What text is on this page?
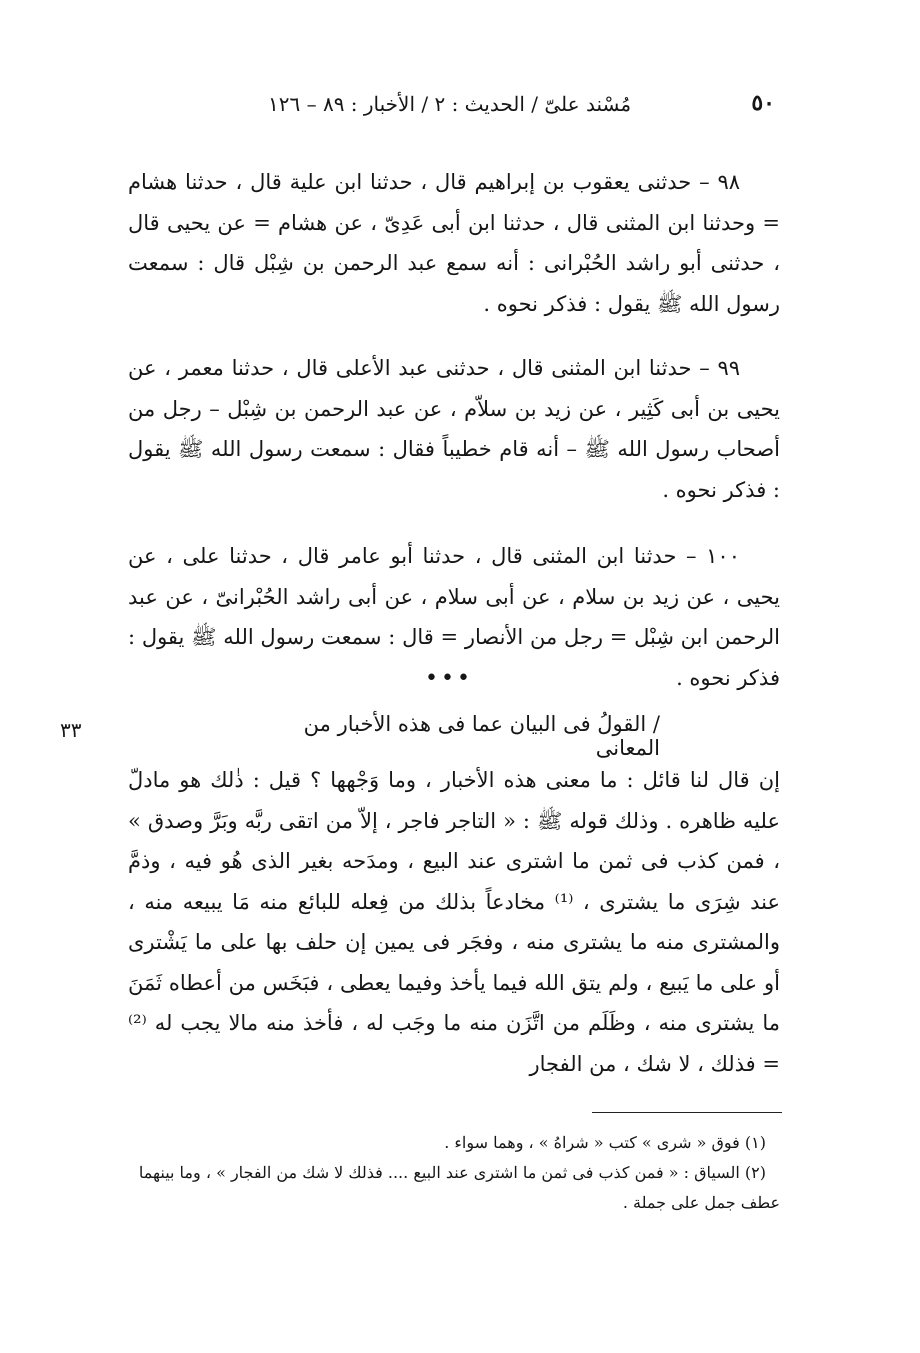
٥٠
مُسْند علىّ / الحديث : ٢ / الأخبار : ٨٩ – ١٢٦

٩٨ – حدثنى يعقوب بن إبراهيم قال ، حدثنا ابن علية قال ، حدثنا هشام = وحدثنا ابن المثنى قال ، حدثنا ابن أبى عَدِىّ ، عن هشام = عن يحيى قال ، حدثنى أبو راشد الحُبْرانى : أنه سمع عبد الرحمن بن شِبْل قال : سمعت رسول الله ﷺ يقول : فذكر نحوه .

٩٩ – حدثنا ابن المثنى قال ، حدثنى عبد الأعلى قال ، حدثنا معمر ، عن يحيى بن أبى كَثِير ، عن زيد بن سلاّم ، عن عبد الرحمن بن شِبْل – رجل من أصحاب رسول الله ﷺ – أنه قام خطيباً فقال : سمعت رسول الله ﷺ يقول : فذكر نحوه .

١٠٠ – حدثنا ابن المثنى قال ، حدثنا أبو عامر قال ، حدثنا على ، عن يحيى ، عن زيد بن سلام ، عن أبى سلام ، عن أبى راشد الحُبْرانىّ ، عن عبد الرحمن ابن شِبْل = رجل من الأنصار = قال : سمعت رسول الله ﷺ يقول : فذكر نحوه .

•••
/ القولُ فى البيان عما فى هذه الأخبار من المعانى
٣٣

إن قال لنا قائل : ما معنى هذه الأخبار ، وما وَجْهها ؟ قيل : ذٰلك هو مادلّ عليه ظاهره . وذلك قوله ﷺ : « التاجر فاجر ، إلاّ من اتقى ربَّه وبَرَّ وصدق » ، فمن كذب فى ثمن ما اشترى عند البيع ، ومدَحه بغير الذى هُو فيه ، وذمَّ عند شِرَى ما يشترى ، ⁽¹⁾ مخادعاً بذلك من فِعله للبائع منه مَا يبيعه منه ، والمشترى منه ما يشترى منه ، وفجَر فى يمين إن حلف بها على ما يَشْترى أو على ما يَبيع ، ولم يتق الله فيما يأخذ وفيما يعطى ، فبَخَس من أعطاه ثَمَنَ ما يشترى منه ، وظَلَم من اتَّزَن منه ما وجَب له ، فأخذ منه مالا يجب له ⁽²⁾ = فذلك ، لا شك ، من الفجار

(١) فوق « شرى » كتب « شراهُ » ، وهما سواء .

(٢) السياق : « فمن كذب فى ثمن ما اشترى عند البيع .... فذلك لا شك من الفجار » ، وما بينهما عطف جمل على جملة .
